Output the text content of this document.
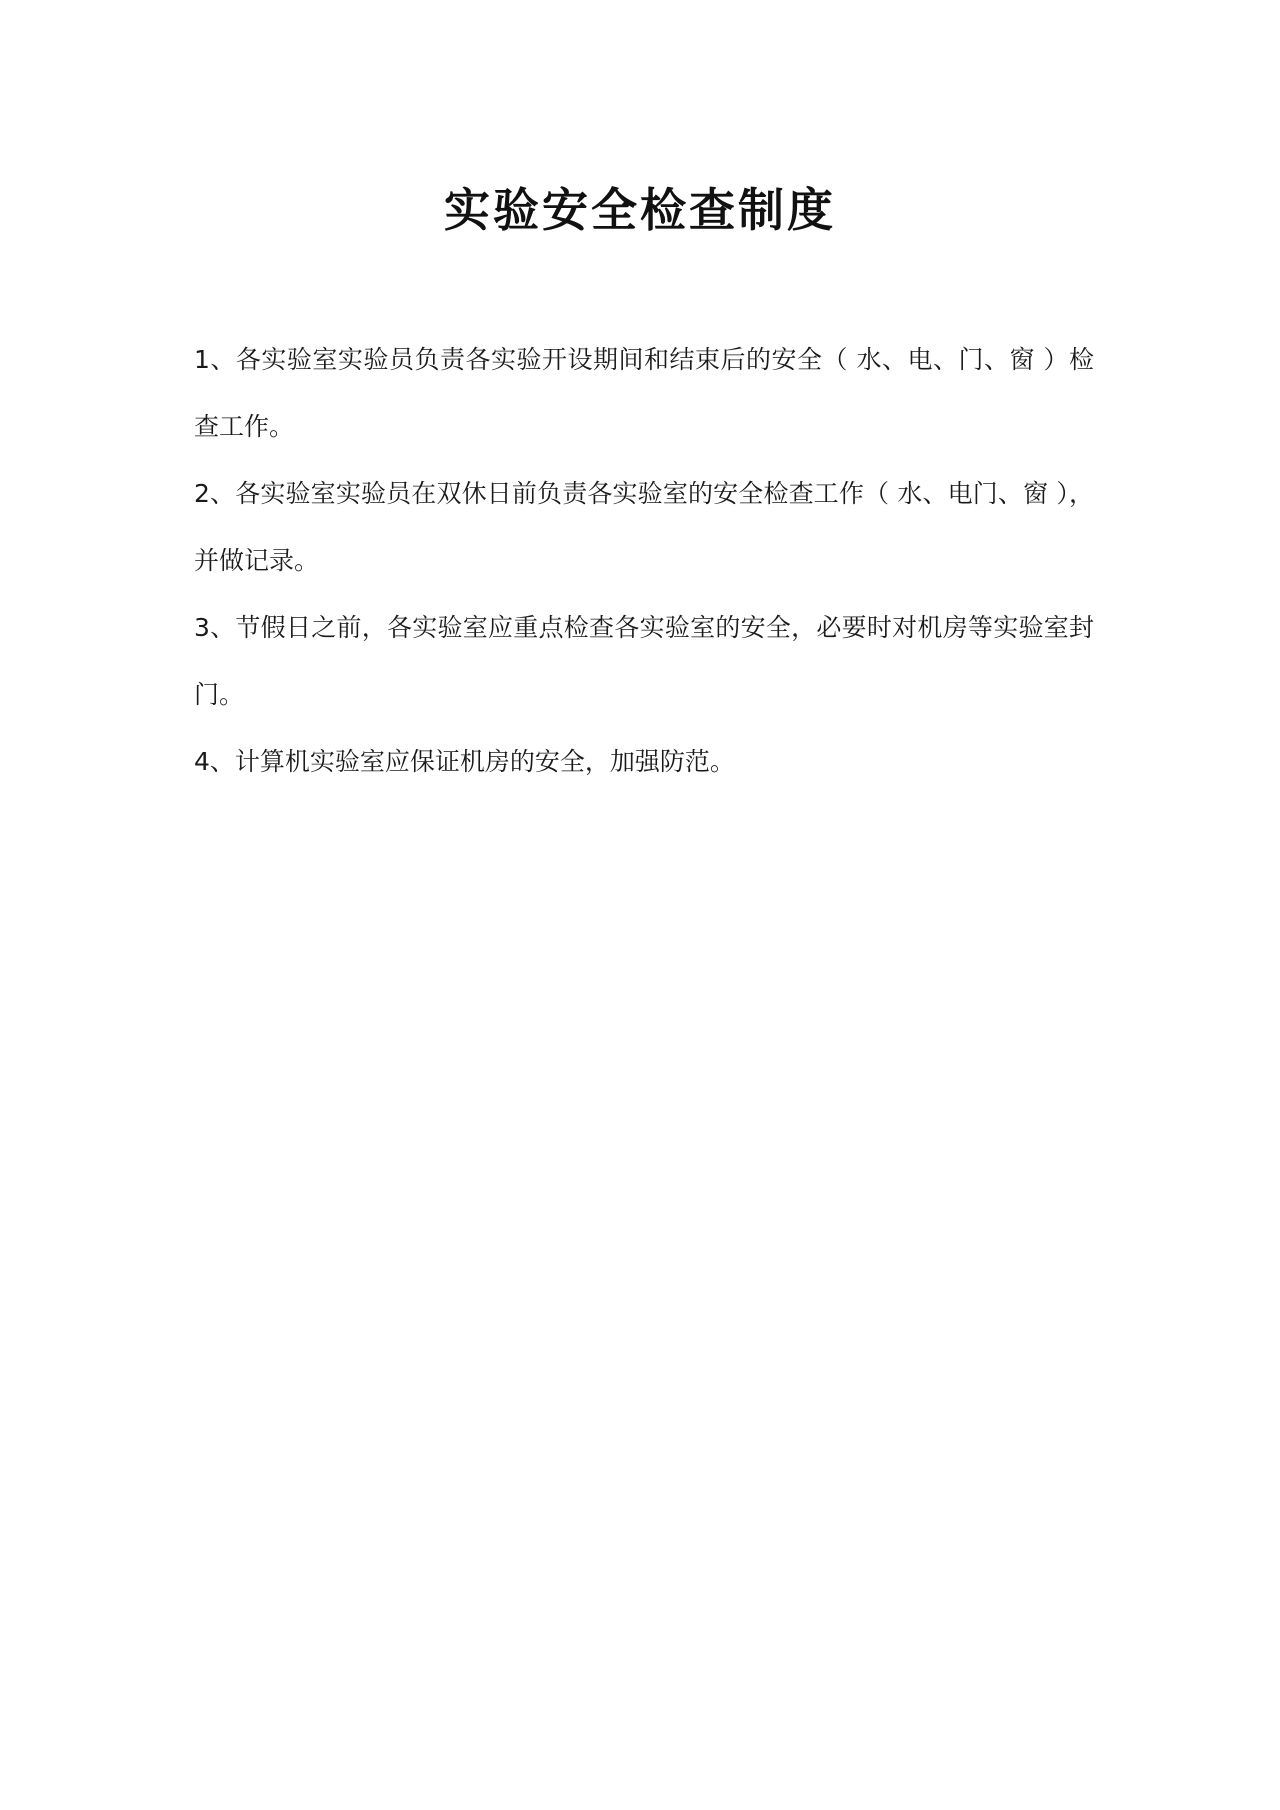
实验安全检查制度

1、各实验室实验员负责各实验开设期间和结束后的安全（ 水、电、门、窗 ）检查工作。

2、各实验室实验员在双休日前负责各实验室的安全检查工作（ 水、电门、窗 ），并做记录。

3、节假日之前，各实验室应重点检查各实验室的安全，必要时对机房等实验室封门。

4、计算机实验室应保证机房的安全，加强防范。
